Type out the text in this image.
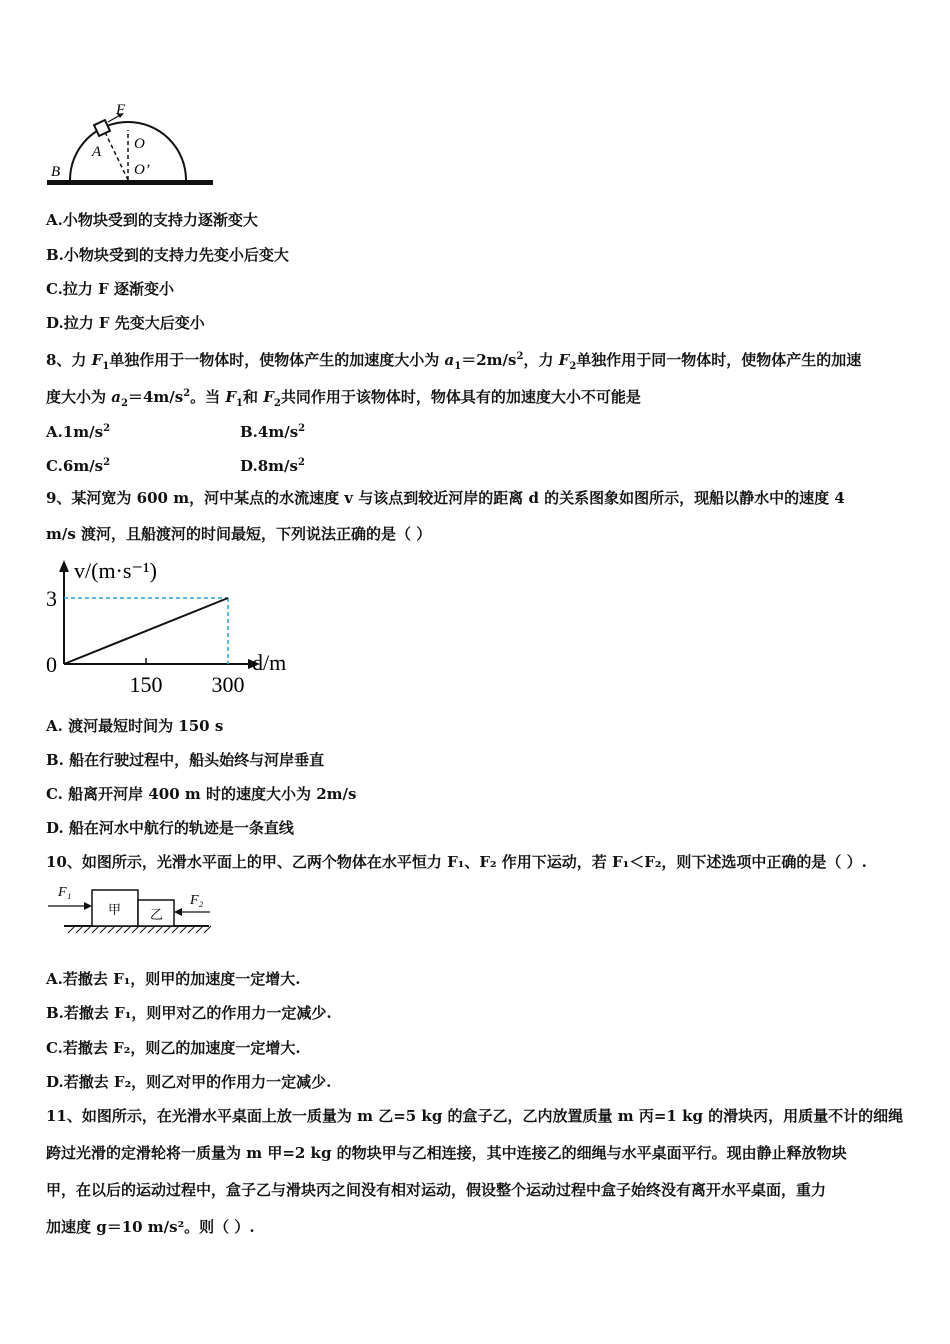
F
A O
O’
B
A.小物块受到的支持力逐渐变大
B.小物块受到的支持力先变小后变大
C.拉力 F 逐渐变小
D.拉力 F 先变大后变小
8、力 $F_1$单独作用于一物体时，使物体产生的加速度大小为 $a_1=2m/s^2$，力 $F_2$单独作用于同一物体时，使物体产生的加速
度大小为 $a_2=4m/s^2$。当 $F_1$和 $F_2$共同作用于该物体时，物体具有的加速度大小不可能是
$A.1m/s^2$	$B.4m/s^2$
$C.6m/s^2$	$D.8m/s^2$
9、某河宽为 600 m，河中某点的水流速度 v 与该点到较近河岸的距离 d 的关系图象如图所示，现船以静水中的速度 4
m/s 渡河，且船渡河的时间最短，下列说法正确的是（ ）
v/(m·s⁻¹)
d/m
0
3
150 300
A. 渡河最短时间为 150 s
B. 船在行驶过程中，船头始终与河岸垂直
C. 船离开河岸 400 m 时的速度大小为 2m/s
D. 船在河水中航行的轨迹是一条直线
10、如图所示，光滑水平面上的甲、乙两个物体在水平恒力 F₁、F₂ 作用下运动，若 F₁＜F₂，则下述选项中正确的是（ ）.
甲 乙
F₁
F₂
A.若撤去 F₁，则甲的加速度一定增大.
B.若撤去 F₁，则甲对乙的作用力一定减少.
C.若撤去 F₂，则乙的加速度一定增大.
D.若撤去 F₂，则乙对甲的作用力一定减少.
11、如图所示，在光滑水平桌面上放一质量为 m 乙=5 kg 的盒子乙，乙内放置质量 m 丙=1 kg 的滑块丙，用质量不计的细绳
跨过光滑的定滑轮将一质量为 m 甲=2 kg 的物块甲与乙相连接，其中连接乙的细绳与水平桌面平行。现由静止释放物块
甲，在以后的运动过程中，盒子乙与滑块丙之间没有相对运动，假设整个运动过程中盒子始终没有离开水平桌面，重力
加速度 g＝10 m/s²。则（ ）.
